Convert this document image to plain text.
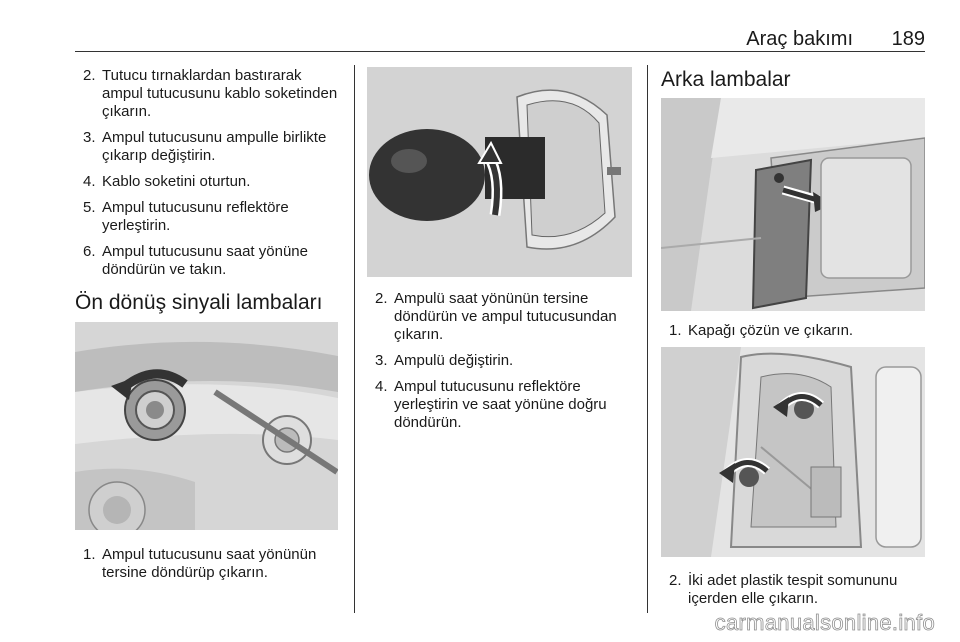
Araç bakımı 189
2. Tutucu tırnaklardan bastırarak ampul tutucusunu kablo soketinden çıkarın.
3. Ampul tutucusunu ampulle birlikte çıkarıp değiştirin.
4. Kablo soketini oturtun.
5. Ampul tutucusunu reflektöre yerleştirin.
6. Ampul tutucusunu saat yönüne döndürün ve takın.
Ön dönüş sinyali lambaları
1. Ampul tutucusunu saat yönünün tersine döndürüp çıkarın.
2. Ampulü saat yönünün tersine döndürün ve ampul tutucusundan çıkarın.
3. Ampulü değiştirin.
4. Ampul tutucusunu reflektöre yerleştirin ve saat yönüne doğru döndürün.
Arka lambalar
1. Kapağı çözün ve çıkarın.
2. İki adet plastik tespit somununu içerden elle çıkarın.
carmanualsonline.info
